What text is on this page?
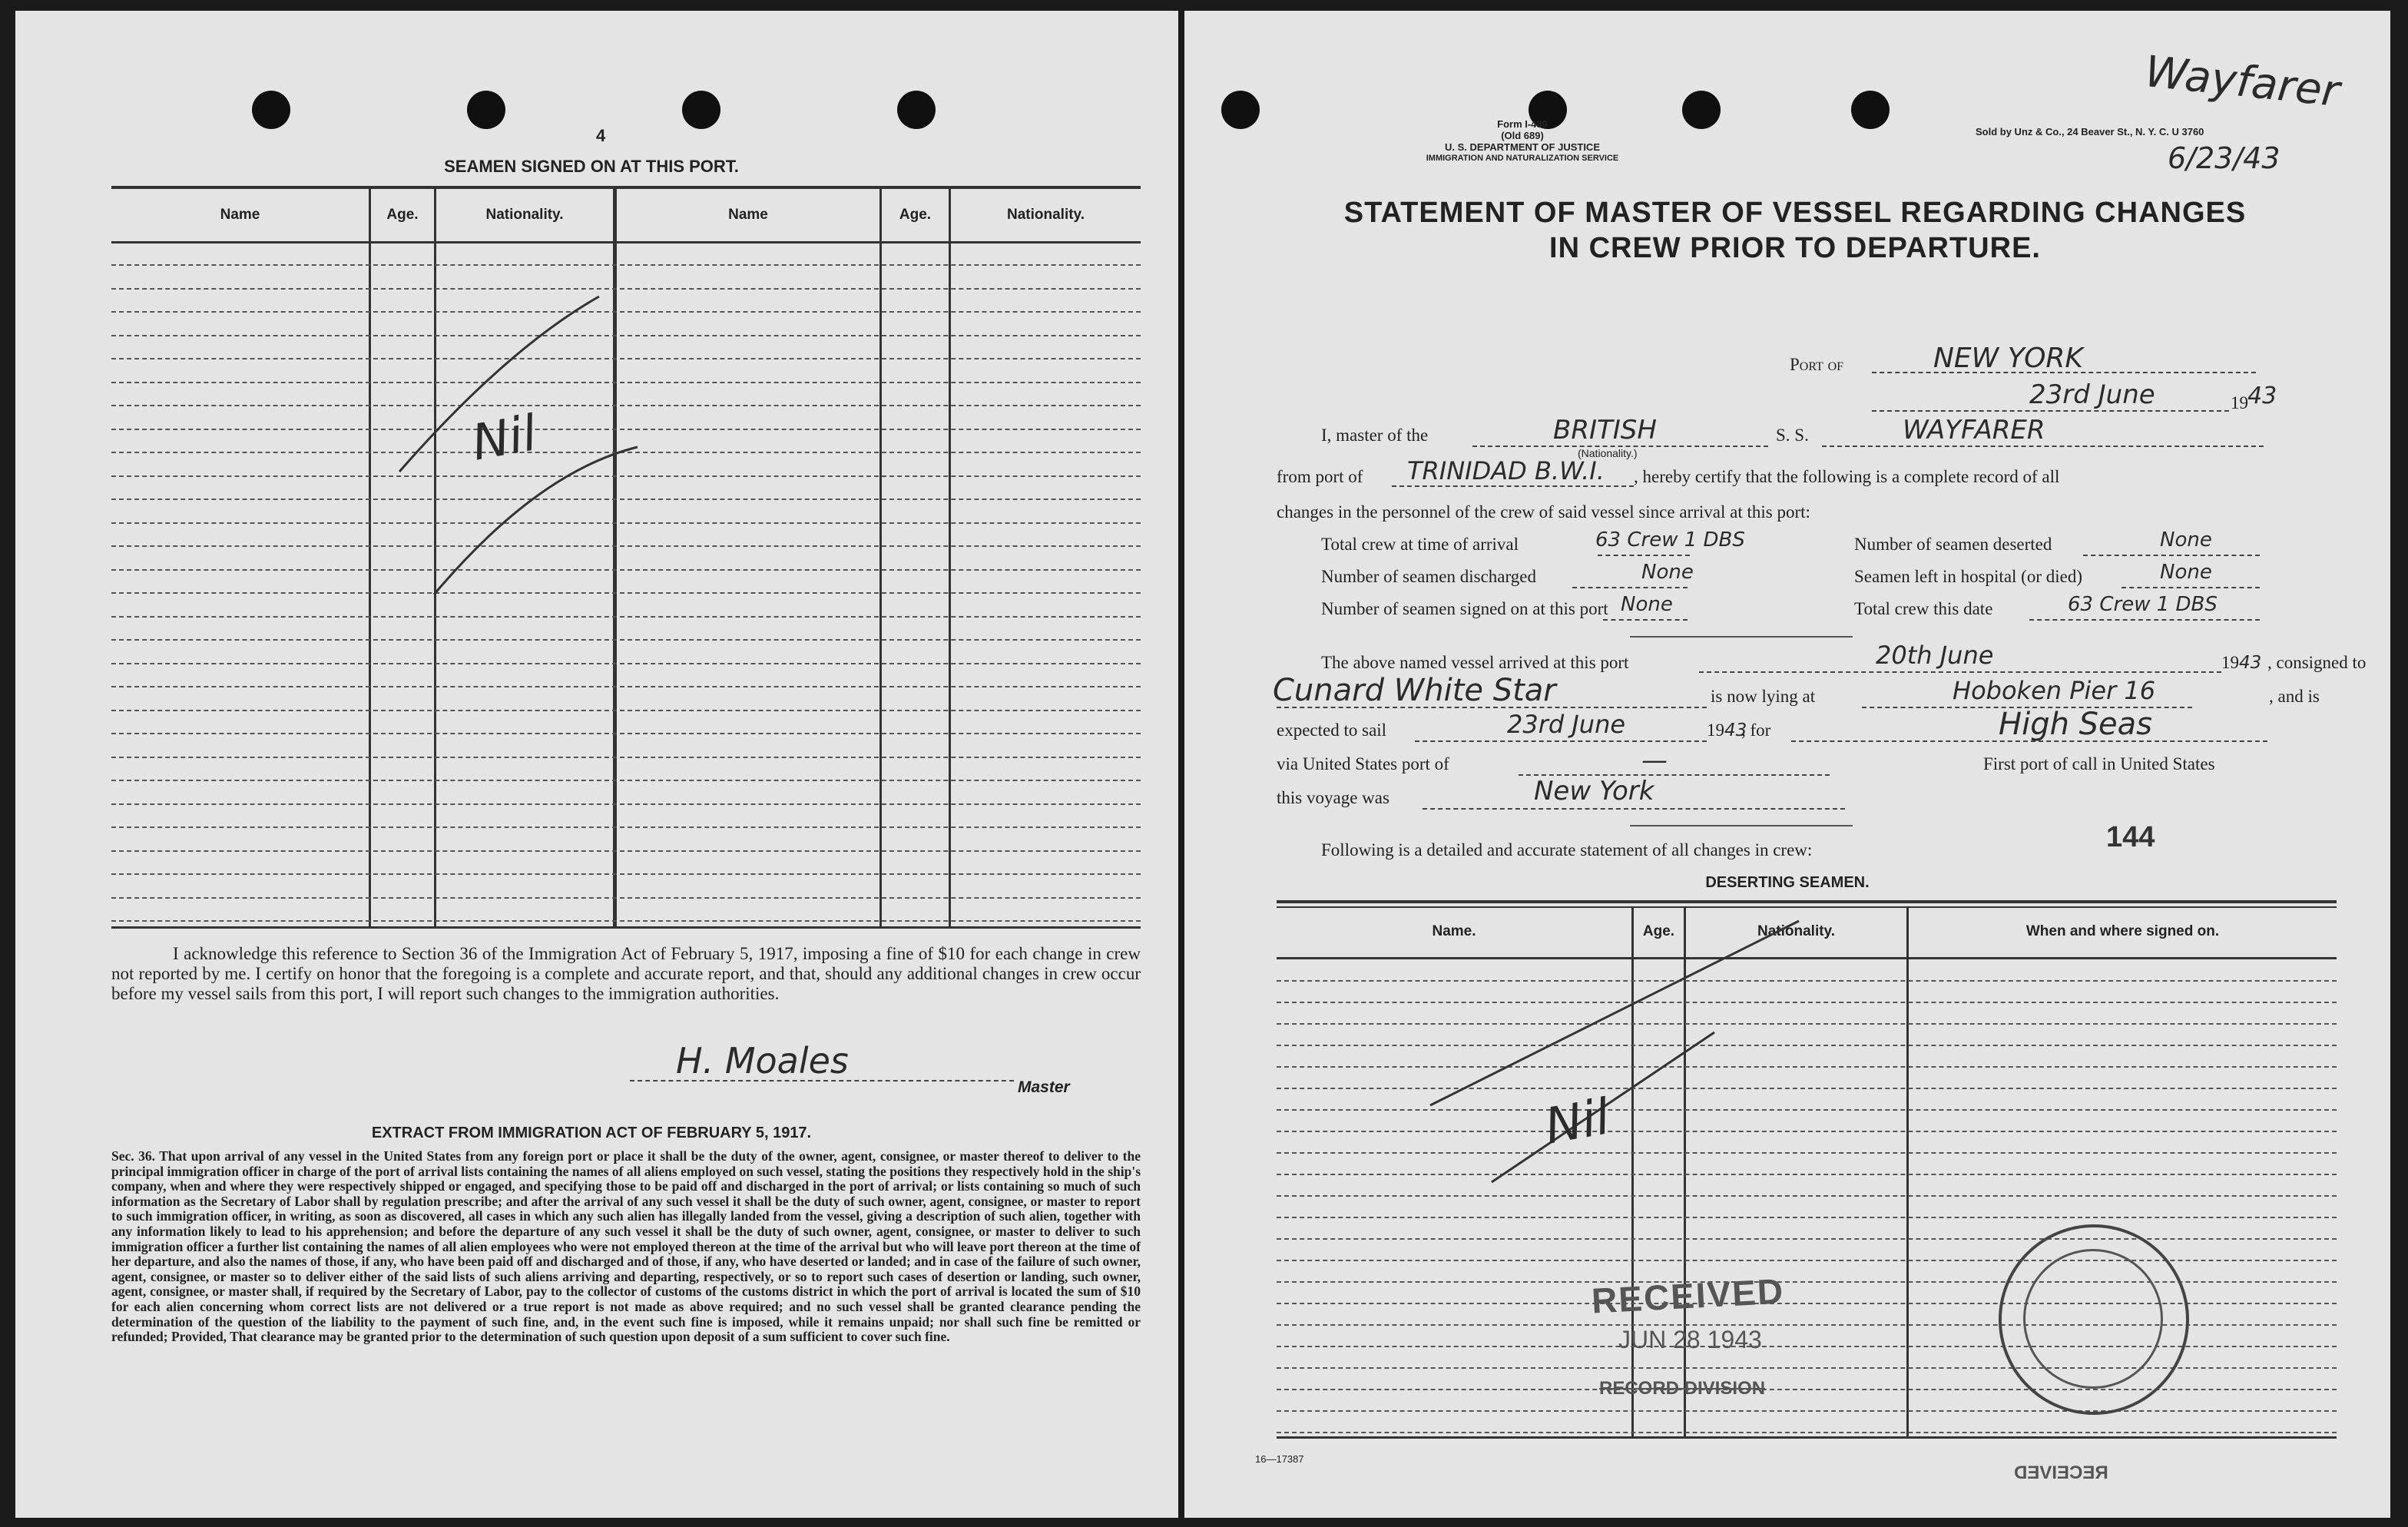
4
SEAMEN SIGNED ON AT THIS PORT.
Name	Age.	Nationality.	Name	Age.	Nationality.
Nil
I acknowledge this reference to Section 36 of the Immigration Act of February 5, 1917, imposing a fine of $10 for each change in crew not reported by me. I certify on honor that the foregoing is a complete and accurate report, and that, should any additional changes in crew occur before my vessel sails from this port, I will report such changes to the immigration authorities.
H. Moales
Master
EXTRACT FROM IMMIGRATION ACT OF FEBRUARY 5, 1917.
Sec. 36. That upon arrival of any vessel in the United States from any foreign port or place it shall be the duty of the owner, agent, consignee, or master thereof to deliver to the principal immigration officer in charge of the port of arrival lists containing the names of all aliens employed on such vessel, stating the positions they respectively hold in the ship's company, when and where they were respectively shipped or engaged, and specifying those to be paid off and discharged in the port of arrival; or lists containing so much of such information as the Secretary of Labor shall by regulation prescribe; and after the arrival of any such vessel it shall be the duty of such owner, agent, consignee, or master to report to such immigration officer, in writing, as soon as discovered, all cases in which any such alien has illegally landed from the vessel, giving a description of such alien, together with any information likely to lead to his apprehension; and before the departure of any such vessel it shall be the duty of such owner, agent, consignee, or master to deliver to such immigration officer a further list containing the names of all alien employees who were not employed thereon at the time of the arrival but who will leave port thereon at the time of her departure, and also the names of those, if any, who have been paid off and discharged and of those, if any, who have deserted or landed; and in case of the failure of such owner, agent, consignee, or master so to deliver either of the said lists of such aliens arriving and departing, respectively, or so to report such cases of desertion or landing, such owner, agent, consignee, or master shall, if required by the Secretary of Labor, pay to the collector of customs of the customs district in which the port of arrival is located the sum of $10 for each alien concerning whom correct lists are not delivered or a true report is not made as above required; and no such vessel shall be granted clearance pending the determination of the question of the liability to the payment of such fine, and, in the event such fine is imposed, while it remains unpaid; nor shall such fine be remitted or refunded; Provided, That clearance may be granted prior to the determination of such question upon deposit of a sum sufficient to cover such fine.
Form I-489
(Old 689)
U. S. DEPARTMENT OF JUSTICE
IMMIGRATION AND NATURALIZATION SERVICE
Sold by Unz & Co., 24 Beaver St., N. Y. C. U 3760
Wayfarer
6/23/43
STATEMENT OF MASTER OF VESSEL REGARDING CHANGES
IN CREW PRIOR TO DEPARTURE.
Port of	NEW YORK
23rd June	19 43
I, master of the	BRITISH
(Nationality.)
S. S.	WAYFARER
from port of TRINIDAD B.W.I. , hereby certify that the following is a complete record of all
changes in the personnel of the crew of said vessel since arrival at this port:
Total crew at time of arrival	63 Crew 1 DBS	Number of seamen deserted	None
Number of seamen discharged	None	Seamen left in hospital (or died)	None
Number of seamen signed on at this port None	Total crew this date	63 Crew 1 DBS
The above named vessel arrived at this port	20th June	1943 , consigned to
Cunard White Star	is now lying at	Hoboken Pier 16	, and is
expected to sail	23rd June	1943
, for	High Seas
via United States port of	—	First port of call in United States
this voyage was	New York
Following is a detailed and accurate statement of all changes in crew:	144
DESERTING SEAMEN.
Name.	Age.	Nationality.	When and where signed on.
Nil
RECEIVED
JUN 28 1943
RECORD DIVISION
16—17387
RECEIVED
